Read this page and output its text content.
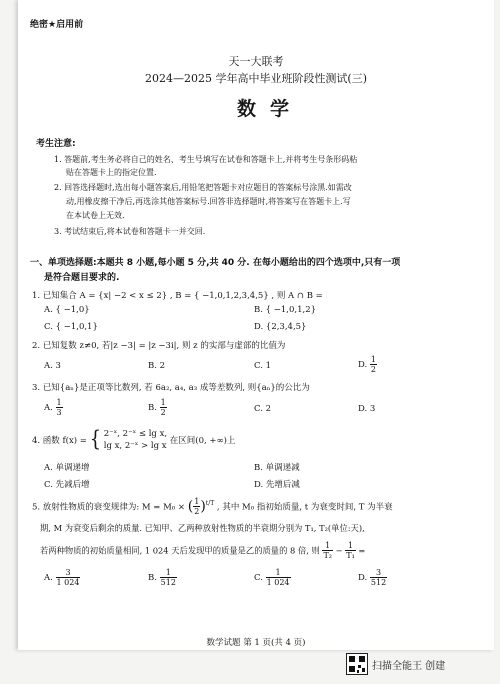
绝密★启用前
天一大联考
2024—2025 学年高中毕业班阶段性测试(三)
数学
考生注意:
1. 答题前,考生务必将自己的姓名、考生号填写在试卷和答题卡上,并将考生号条形码粘
贴在答题卡上的指定位置.
2. 回答选择题时,选出每小题答案后,用铅笔把答题卡对应题目的答案标号涂黑.如需改
动,用橡皮擦干净后,再选涂其他答案标号.回答非选择题时,将答案写在答题卡上.写
在本试卷上无效.
3. 考试结束后,将本试卷和答题卡一并交回.
一、单项选择题:本题共 8 小题,每小题 5 分,共 40 分. 在每小题给出的四个选项中,只有一项
是符合题目要求的.
1. 已知集合 A = {x| −2 < x ≤ 2} , B = { −1,0,1,2,3,4,5} , 则 A ∩ B =
A. { −1,0}	B. { −1,0,1,2}
C. { −1,0,1}	D. {2,3,4,5}
2. 已知复数 z≠0, 若|z −3| = |z −3i|, 则 z 的实部与虚部的比值为
A. 3	B. 2	C. 1	D. $\frac{1}{2}$
3. 已知{aₙ}是正项等比数列, 若 6a₂, a₄, a₃ 成等差数列, 则{aₙ}的公比为
A. $\frac{1}{3}$	B. $\frac{1}{2}$	C. 2	D. 3
4. 函数 f(x) = { 2⁻ˣ, 2⁻ˣ ≤ lg x,
lg x, 2⁻ˣ > lg x 在区间(0, +∞)上
A. 单调递增	B. 单调递减
C. 先减后增	D. 先增后减
5. 放射性物质的衰变规律为: M = M₀ × ( $\frac{1}{2} )^{t/T}$ , 其中 M₀ 指初始质量, t 为衰变时间, T 为半衰
期, M 为衰变后剩余的质量. 已知甲、乙两种放射性物质的半衰期分别为 T₁, T₂(单位:天),
若两种物质的初始质量相同, 1 024 天后发现甲的质量是乙的质量的 8 倍, 则 $\frac{1}{\text{T₂}} - \frac{1}{\text{T₁}}$ =
A. $\frac{3}{1 024}$	B. $\frac{1}{512}$	C. $\frac{1}{1 024}$	D. $\frac{3}{512}$
数学试题 第 1 页(共 4 页)
扫描全能王 创建
